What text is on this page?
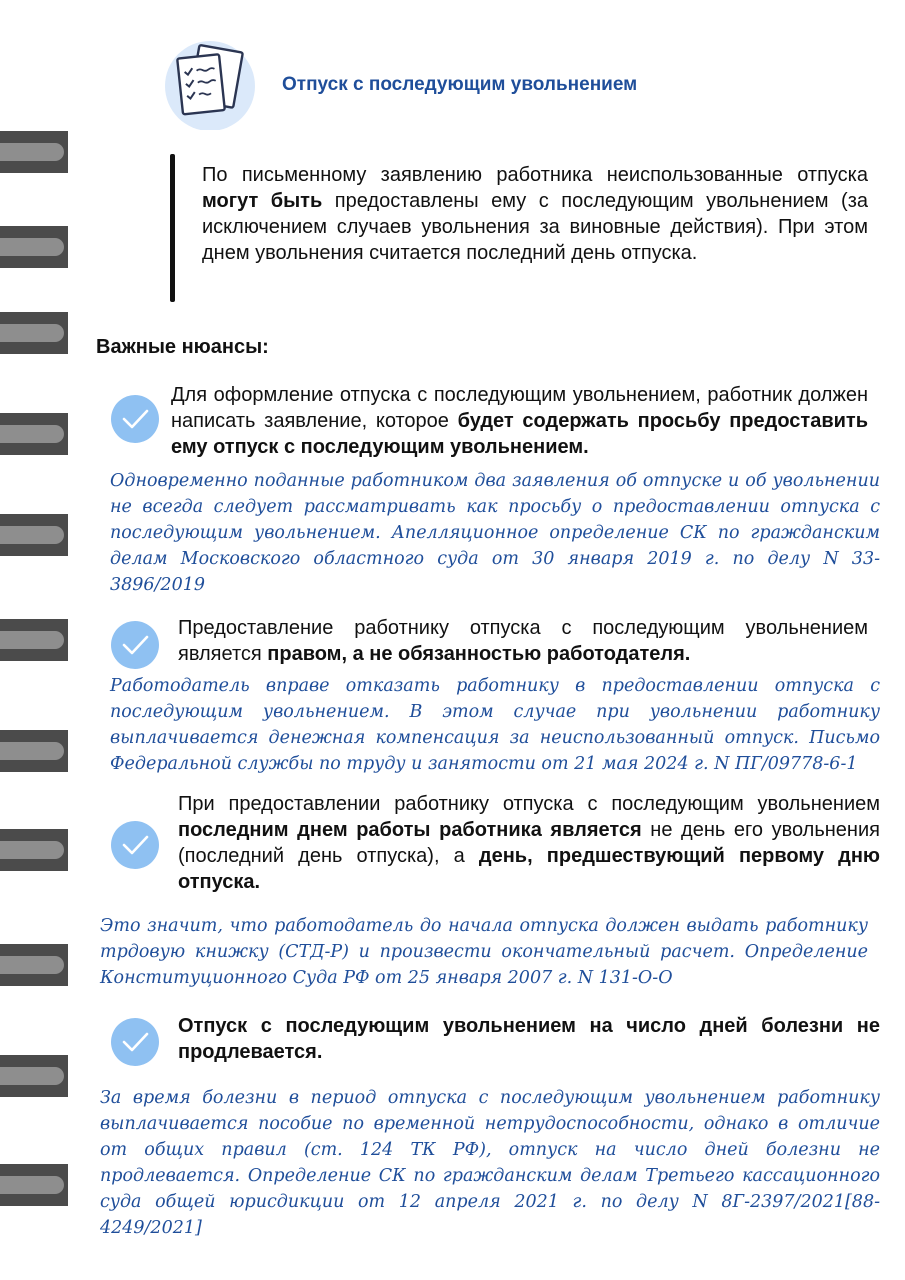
Отпуск с последующим увольнением
По письменному заявлению работника неиспользованные отпуска могут быть предоставлены ему с последующим увольнением (за исключением случаев увольнения за виновные действия). При этом днем увольнения считается последний день отпуска.
Важные нюансы:
Для оформление отпуска с последующим увольнением, работник должен написать заявление, которое будет содержать просьбу предоставить ему отпуск с последующим увольнением.
Одновременно поданные работником два заявления об отпуске и об увольнении не всегда следует рассматривать как просьбу о предоставлении отпуска с последующим увольнением. Апелляционное определение СК по гражданским делам Московского областного суда от 30 января 2019 г. по делу N 33-3896/2019
Предоставление работнику отпуска с последующим увольнением является правом, а не обязанностью работодателя.
Работодатель вправе отказать работнику в предоставлении отпуска с последующим увольнением. В этом случае при увольнении работнику выплачивается денежная компенсация за неиспользованный отпуск. Письмо Федеральной службы по труду и занятости от 21 мая 2024 г. N ПГ/09778-6-1
При предоставлении работнику отпуска с последующим увольнением последним днем работы работника является не день его увольнения (последний день отпуска), а день, предшествующий первому дню отпуска.
Это значит, что работодатель до начала отпуска должен выдать работнику трдовую книжку (СТД-Р) и произвести окончательный расчет. Определение Конституционного Суда РФ от 25 января 2007 г. N 131-О-О
Отпуск с последующим увольнением на число дней болезни не продлевается.
За время болезни в период отпуска с последующим увольнением работнику выплачивается пособие по временной нетрудоспособности, однако в отличие от общих правил (ст. 124 ТК РФ), отпуск на число дней болезни не продлевается. Определение СК по гражданским делам Третьего кассационного суда общей юрисдикции от 12 апреля 2021 г. по делу N 8Г-2397/2021[88-4249/2021]
